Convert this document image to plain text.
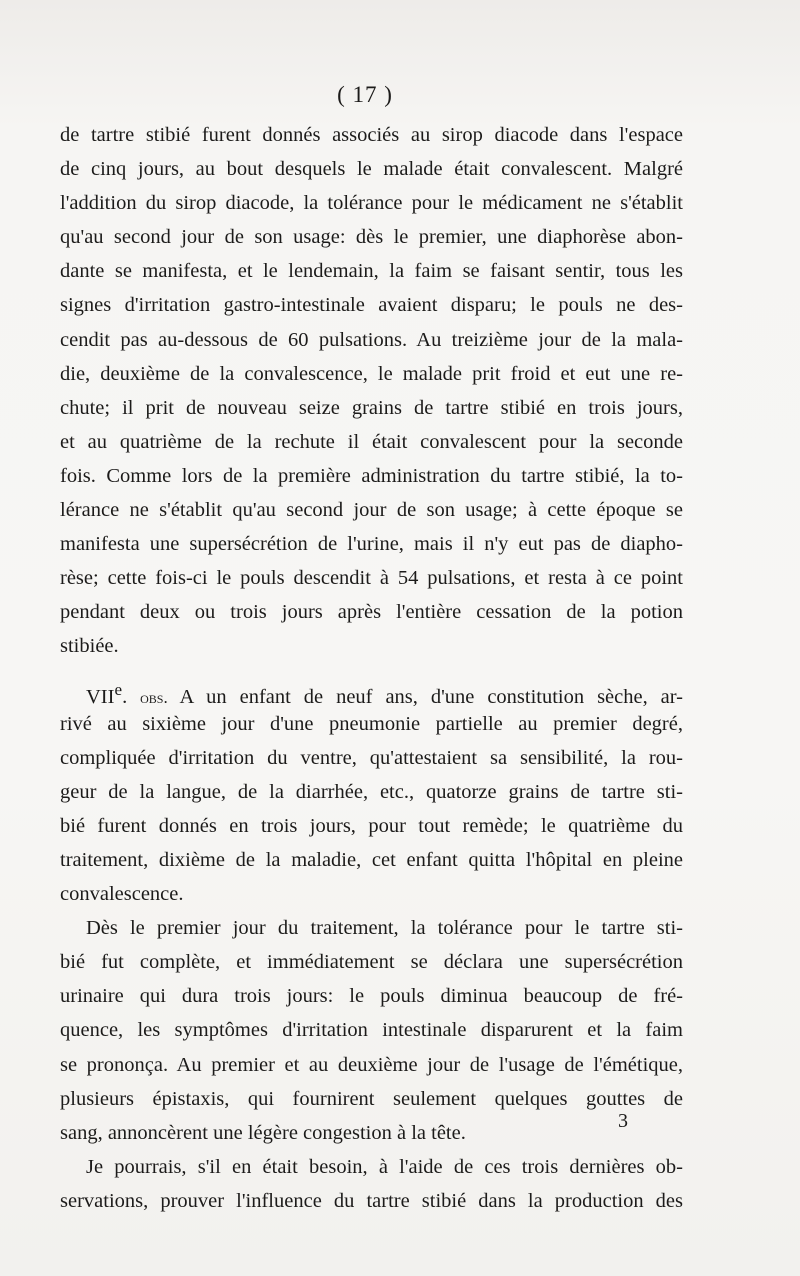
( 17 )
de tartre stibié furent donnés associés au sirop diacode dans l'espace
de cinq jours, au bout desquels le malade était convalescent. Malgré
l'addition du sirop diacode, la tolérance pour le médicament ne s'établit
qu'au second jour de son usage: dès le premier, une diaphorèse abon-
dante se manifesta, et le lendemain, la faim se faisant sentir, tous les
signes d'irritation gastro-intestinale avaient disparu; le pouls ne des-
cendit pas au-dessous de 60 pulsations. Au treizième jour de la mala-
die, deuxième de la convalescence, le malade prit froid et eut une re-
chute; il prit de nouveau seize grains de tartre stibié en trois jours,
et au quatrième de la rechute il était convalescent pour la seconde
fois. Comme lors de la première administration du tartre stibié, la to-
lérance ne s'établit qu'au second jour de son usage; à cette époque se
manifesta une supersécrétion de l'urine, mais il n'y eut pas de diapho-
rèse; cette fois-ci le pouls descendit à 54 pulsations, et resta à ce point
pendant deux ou trois jours après l'entière cessation de la potion
stibiée.
VIIe. obs. A un enfant de neuf ans, d'une constitution sèche, ar-
rivé au sixième jour d'une pneumonie partielle au premier degré,
compliquée d'irritation du ventre, qu'attestaient sa sensibilité, la rou-
geur de la langue, de la diarrhée, etc., quatorze grains de tartre sti-
bié furent donnés en trois jours, pour tout remède; le quatrième du
traitement, dixième de la maladie, cet enfant quitta l'hôpital en pleine
convalescence.
Dès le premier jour du traitement, la tolérance pour le tartre sti-
bié fut complète, et immédiatement se déclara une supersécrétion
urinaire qui dura trois jours: le pouls diminua beaucoup de fré-
quence, les symptômes d'irritation intestinale disparurent et la faim
se prononça. Au premier et au deuxième jour de l'usage de l'émétique,
plusieurs épistaxis, qui fournirent seulement quelques gouttes de
sang, annoncèrent une légère congestion à la tête.
Je pourrais, s'il en était besoin, à l'aide de ces trois dernières ob-
servations, prouver l'influence du tartre stibié dans la production des
3
